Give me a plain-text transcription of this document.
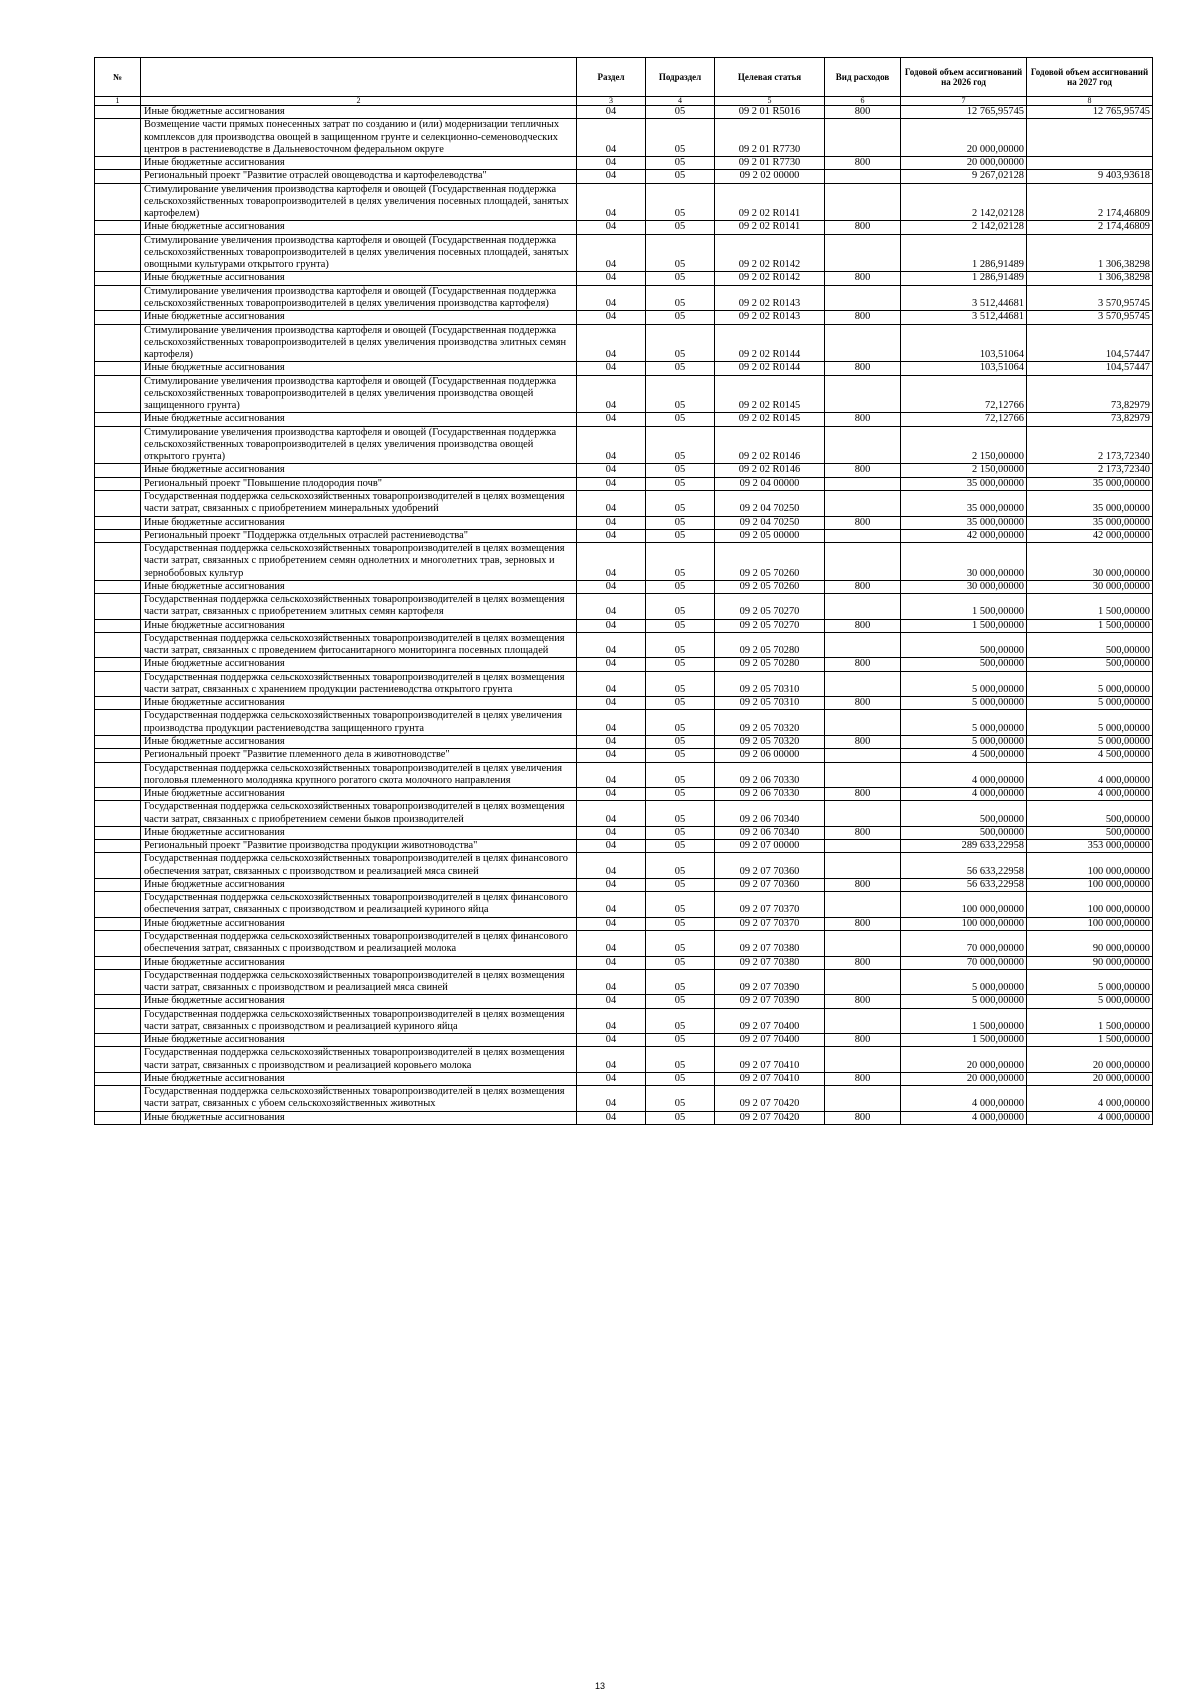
№		Раздел	Подраздел	Целевая статья	Вид расходов	Годовой объем ассигнований на 2026 год	Годовой объем ассигнований на 2027 год
1	2	3	4	5	6	7	8
	Иные бюджетные ассигнования	04	05	09 2 01 R5016	800	12 765,95745	12 765,95745
	Возмещение части прямых понесенных затрат по созданию и (или) модернизации тепличных комплексов для производства овощей в защищенном грунте и селекционно-семеноводческих центров в растениеводстве в Дальневосточном федеральном округе	04	05	09 2 01 R7730		20 000,00000	
	Иные бюджетные ассигнования	04	05	09 2 01 R7730	800	20 000,00000	
	Региональный проект "Развитие отраслей овощеводства и картофелеводства"	04	05	09 2 02 00000		9 267,02128	9 403,93618
	Стимулирование увеличения производства картофеля и овощей (Государственная поддержка сельскохозяйственных товаропроизводителей в целях увеличения посевных площадей, занятых картофелем)	04	05	09 2 02 R0141		2 142,02128	2 174,46809
	Иные бюджетные ассигнования	04	05	09 2 02 R0141	800	2 142,02128	2 174,46809
	Стимулирование увеличения производства картофеля и овощей (Государственная поддержка сельскохозяйственных товаропроизводителей в целях увеличения посевных площадей, занятых овощными культурами открытого грунта)	04	05	09 2 02 R0142		1 286,91489	1 306,38298
	Иные бюджетные ассигнования	04	05	09 2 02 R0142	800	1 286,91489	1 306,38298
	Стимулирование увеличения производства картофеля и овощей (Государственная поддержка сельскохозяйственных товаропроизводителей в целях увеличения производства картофеля)	04	05	09 2 02 R0143		3 512,44681	3 570,95745
	Иные бюджетные ассигнования	04	05	09 2 02 R0143	800	3 512,44681	3 570,95745
	Стимулирование увеличения производства картофеля и овощей (Государственная поддержка сельскохозяйственных товаропроизводителей в целях увеличения производства элитных семян картофеля)	04	05	09 2 02 R0144		103,51064	104,57447
	Иные бюджетные ассигнования	04	05	09 2 02 R0144	800	103,51064	104,57447
	Стимулирование увеличения производства картофеля и овощей (Государственная поддержка сельскохозяйственных товаропроизводителей в целях увеличения производства овощей защищенного грунта)	04	05	09 2 02 R0145		72,12766	73,82979
	Иные бюджетные ассигнования	04	05	09 2 02 R0145	800	72,12766	73,82979
	Стимулирование увеличения производства картофеля и овощей (Государственная поддержка сельскохозяйственных товаропроизводителей в целях увеличения производства овощей открытого грунта)	04	05	09 2 02 R0146		2 150,00000	2 173,72340
	Иные бюджетные ассигнования	04	05	09 2 02 R0146	800	2 150,00000	2 173,72340
	Региональный проект "Повышение плодородия почв"	04	05	09 2 04 00000		35 000,00000	35 000,00000
	Государственная поддержка сельскохозяйственных товаропроизводителей в целях возмещения части затрат, связанных с приобретением минеральных удобрений	04	05	09 2 04 70250		35 000,00000	35 000,00000
	Иные бюджетные ассигнования	04	05	09 2 04 70250	800	35 000,00000	35 000,00000
	Региональный проект "Поддержка отдельных отраслей растениеводства"	04	05	09 2 05 00000		42 000,00000	42 000,00000
	Государственная поддержка сельскохозяйственных товаропроизводителей в целях возмещения части затрат, связанных с приобретением семян однолетних и многолетних трав, зерновых и зернобобовых культур	04	05	09 2 05 70260		30 000,00000	30 000,00000
	Иные бюджетные ассигнования	04	05	09 2 05 70260	800	30 000,00000	30 000,00000
	Государственная поддержка сельскохозяйственных товаропроизводителей в целях возмещения части затрат, связанных с приобретением элитных семян картофеля	04	05	09 2 05 70270		1 500,00000	1 500,00000
	Иные бюджетные ассигнования	04	05	09 2 05 70270	800	1 500,00000	1 500,00000
	Государственная поддержка сельскохозяйственных товаропроизводителей в целях возмещения части затрат, связанных с проведением фитосанитарного мониторинга посевных площадей	04	05	09 2 05 70280		500,00000	500,00000
	Иные бюджетные ассигнования	04	05	09 2 05 70280	800	500,00000	500,00000
	Государственная поддержка сельскохозяйственных товаропроизводителей в целях возмещения части затрат, связанных с хранением продукции растениеводства открытого грунта	04	05	09 2 05 70310		5 000,00000	5 000,00000
	Иные бюджетные ассигнования	04	05	09 2 05 70310	800	5 000,00000	5 000,00000
	Государственная поддержка сельскохозяйственных товаропроизводителей в целях увеличения производства продукции растениеводства защищенного грунта	04	05	09 2 05 70320		5 000,00000	5 000,00000
	Иные бюджетные ассигнования	04	05	09 2 05 70320	800	5 000,00000	5 000,00000
	Региональный проект "Развитие племенного дела в животноводстве"	04	05	09 2 06 00000		4 500,00000	4 500,00000
	Государственная поддержка сельскохозяйственных товаропроизводителей в целях увеличения поголовья племенного молодняка крупного рогатого скота молочного направления	04	05	09 2 06 70330		4 000,00000	4 000,00000
	Иные бюджетные ассигнования	04	05	09 2 06 70330	800	4 000,00000	4 000,00000
	Государственная поддержка сельскохозяйственных товаропроизводителей в целях возмещения части затрат, связанных с приобретением семени быков производителей	04	05	09 2 06 70340		500,00000	500,00000
	Иные бюджетные ассигнования	04	05	09 2 06 70340	800	500,00000	500,00000
	Региональный проект "Развитие производства продукции животноводства"	04	05	09 2 07 00000		289 633,22958	353 000,00000
	Государственная поддержка сельскохозяйственных товаропроизводителей в целях финансового обеспечения затрат, связанных с производством и реализацией мяса свиней	04	05	09 2 07 70360		56 633,22958	100 000,00000
	Иные бюджетные ассигнования	04	05	09 2 07 70360	800	56 633,22958	100 000,00000
	Государственная поддержка сельскохозяйственных товаропроизводителей в целях финансового обеспечения затрат, связанных с производством и реализацией куриного яйца	04	05	09 2 07 70370		100 000,00000	100 000,00000
	Иные бюджетные ассигнования	04	05	09 2 07 70370	800	100 000,00000	100 000,00000
	Государственная поддержка сельскохозяйственных товаропроизводителей в целях финансового обеспечения затрат, связанных с производством и реализацией молока	04	05	09 2 07 70380		70 000,00000	90 000,00000
	Иные бюджетные ассигнования	04	05	09 2 07 70380	800	70 000,00000	90 000,00000
	Государственная поддержка сельскохозяйственных товаропроизводителей в целях возмещения части затрат, связанных с производством и реализацией мяса свиней	04	05	09 2 07 70390		5 000,00000	5 000,00000
	Иные бюджетные ассигнования	04	05	09 2 07 70390	800	5 000,00000	5 000,00000
	Государственная поддержка сельскохозяйственных товаропроизводителей в целях возмещения части затрат, связанных с производством и реализацией куриного яйца	04	05	09 2 07 70400		1 500,00000	1 500,00000
	Иные бюджетные ассигнования	04	05	09 2 07 70400	800	1 500,00000	1 500,00000
	Государственная поддержка сельскохозяйственных товаропроизводителей в целях возмещения части затрат, связанных с производством и реализацией коровьего молока	04	05	09 2 07 70410		20 000,00000	20 000,00000
	Иные бюджетные ассигнования	04	05	09 2 07 70410	800	20 000,00000	20 000,00000
	Государственная поддержка сельскохозяйственных товаропроизводителей в целях возмещения части затрат, связанных с убоем сельскохозяйственных животных	04	05	09 2 07 70420		4 000,00000	4 000,00000
	Иные бюджетные ассигнования	04	05	09 2 07 70420	800	4 000,00000	4 000,00000
13
